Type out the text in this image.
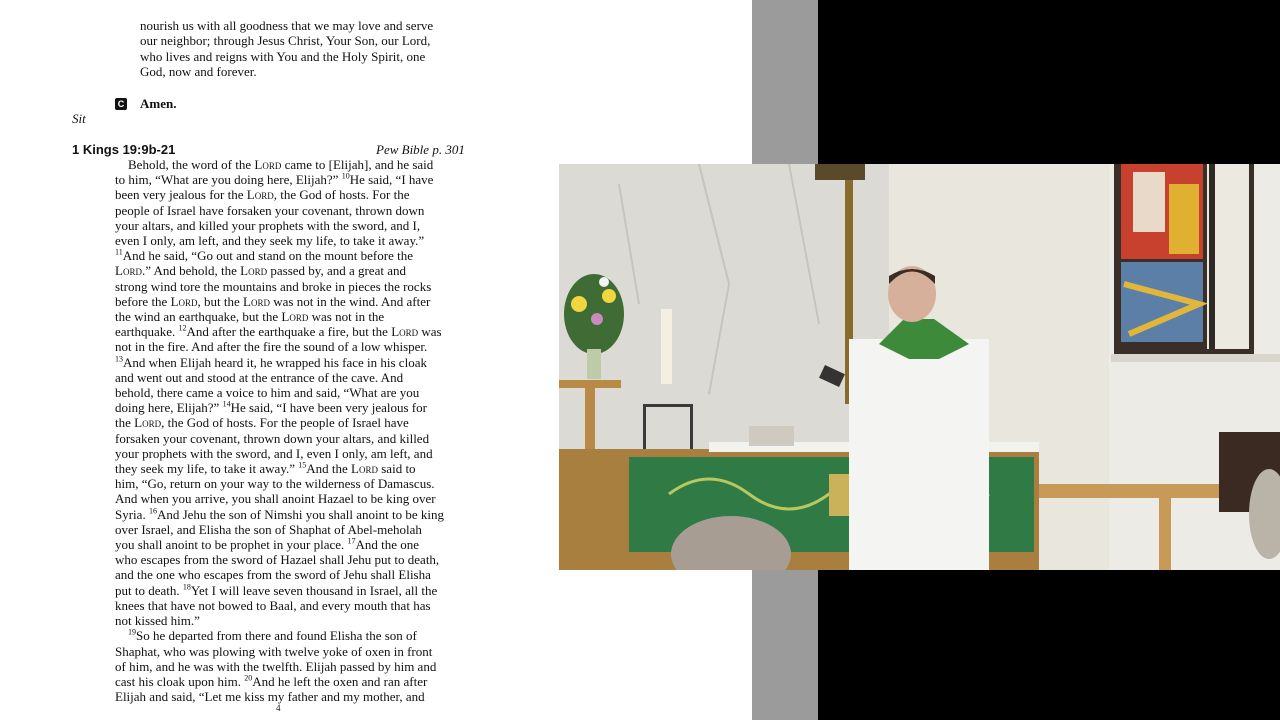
nourish us with all goodness that we may love and serve
our neighbor; through Jesus Christ, Your Son, our Lord,
who lives and reigns with You and the Holy Spirit, one
God, now and forever.
C Amen.
Sit
1 Kings 19:9b-21	Pew Bible p. 301

Behold, the word of the Lord came to [Elijah], and he said

to him, “What are you doing here, Elijah?” $^{10}$He said, “I have

been very jealous for the Lord, the God of hosts. For the

people of Israel have forsaken your covenant, thrown down

your altars, and killed your prophets with the sword, and I,

even I only, am left, and they seek my life, to take it away.”

$^{11}$And he said, “Go out and stand on the mount before the

Lord.” And behold, the Lord passed by, and a great and

strong wind tore the mountains and broke in pieces the rocks

before the Lord, but the Lord was not in the wind. And after

the wind an earthquake, but the Lord was not in the

earthquake. $^{12}$And after the earthquake a fire, but the Lord was

not in the fire. And after the fire the sound of a low whisper.

$^{13}$And when Elijah heard it, he wrapped his face in his cloak

and went out and stood at the entrance of the cave. And

behold, there came a voice to him and said, “What are you

doing here, Elijah?” $^{14}$He said, “I have been very jealous for

the Lord, the God of hosts. For the people of Israel have

forsaken your covenant, thrown down your altars, and killed

your prophets with the sword, and I, even I only, am left, and

they seek my life, to take it away.” $^{15}$And the Lord said to

him, “Go, return on your way to the wilderness of Damascus.

And when you arrive, you shall anoint Hazael to be king over

Syria. $^{16}$And Jehu the son of Nimshi you shall anoint to be king

over Israel, and Elisha the son of Shaphat of Abel-meholah

you shall anoint to be prophet in your place. $^{17}$And the one

who escapes from the sword of Hazael shall Jehu put to death,

and the one who escapes from the sword of Jehu shall Elisha

put to death. $^{18}$Yet I will leave seven thousand in Israel, all the

knees that have not bowed to Baal, and every mouth that has

not kissed him.”

$^{19}$So he departed from there and found Elisha the son of

Shaphat, who was plowing with twelve yoke of oxen in front

of him, and he was with the twelfth. Elijah passed by him and

cast his cloak upon him. $^{20}$And he left the oxen and ran after

Elijah and said, “Let me kiss my father and my mother, and

4
